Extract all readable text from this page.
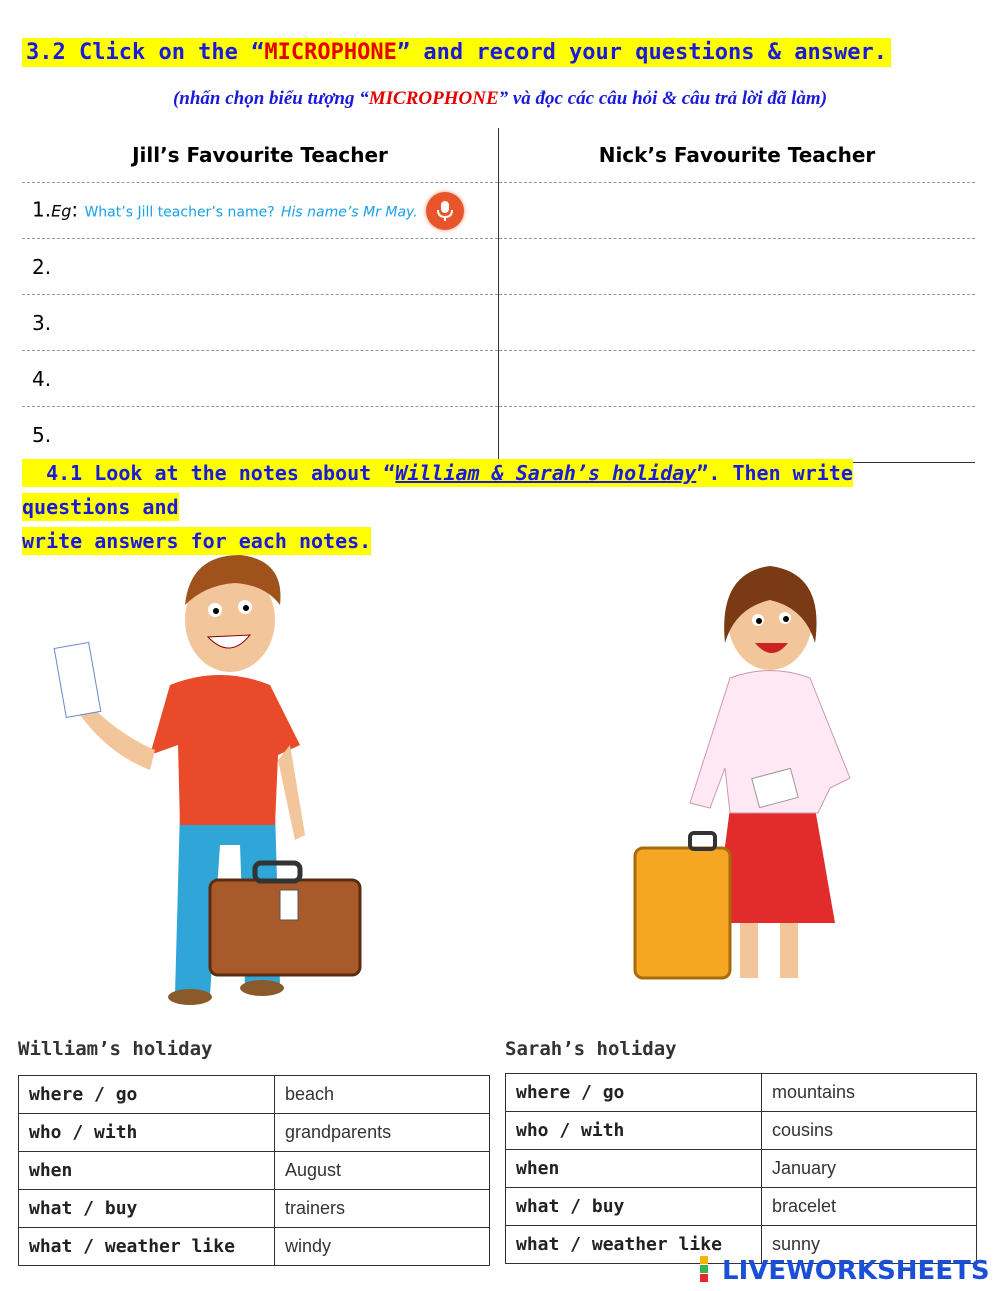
3.2 Click on the “MICROPHONE” and record your questions & answer.
(nhấn chọn biểu tượng “MICROPHONE” và đọc các câu hỏi & câu trả lời đã làm)
Jill’s Favourite Teacher	Nick’s Favourite Teacher
1.Eg: What’s Jill teacher’s name? His name’s Mr May.

2.	
3.	
4.	
5.	
4.1 Look at the notes about “William & Sarah’s holiday”. Then write questions and
write answers for each notes.
William’s holiday
where / go	beach
who / with	grandparents
when	August
what / buy	trainers
what / weather like	windy
Sarah’s holiday
where / go	mountains
who / with	cousins
when	January
what / buy	bracelet
what / weather like	sunny
LIVEWORKSHEETS
